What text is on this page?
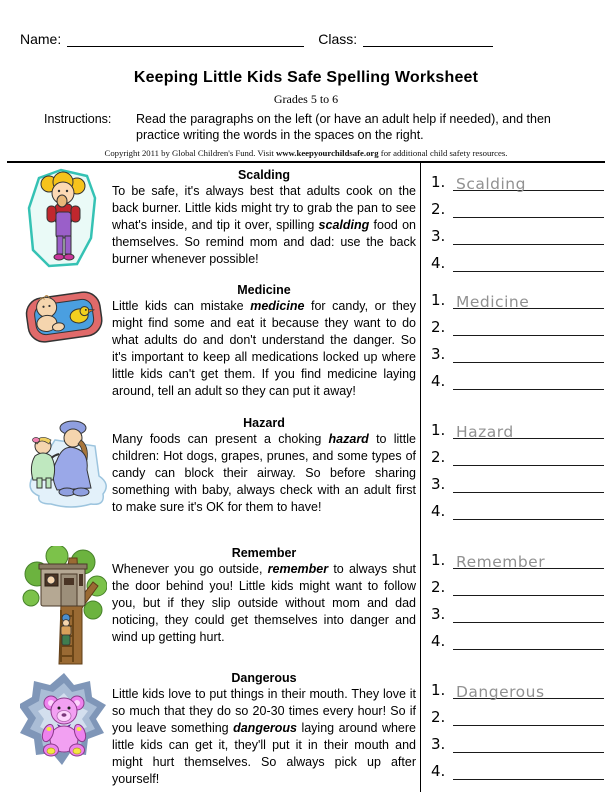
Name:	Class:
Keeping Little Kids Safe Spelling Worksheet
Grades 5 to 6
Instructions:	Read the paragraphs on the left (or have an adult help if needed), and then practice writing the words in the spaces on the right.
Copyright 2011 by Global Children's Fund. Visit www.keepyourchildsafe.org for additional child safety resources.
Scalding
To be safe, it's always best that adults cook on the back burner. Little kids might try to grab the pan to see what's inside, and tip it over, spilling scalding food on themselves. So remind mom and dad: use the back burner whenever possible!
1. Scalding
2.
3.
4.
Medicine
Little kids can mistake medicine for candy, or they might find some and eat it because they want to do what adults do and don't understand the danger. So it's important to keep all medications locked up where little kids can't get them. If you find medicine laying around, tell an adult so they can put it away!
1. Medicine
2.
3.
4.
Hazard
Many foods can present a choking hazard to little children: Hot dogs, grapes, prunes, and some types of candy can block their airway. So before sharing something with baby, always check with an adult first to make sure it's OK for them to have!
1. Hazard
2.
3.
4.
Remember
Whenever you go outside, remember to always shut the door behind you! Little kids might want to follow you, but if they slip outside without mom and dad noticing, they could get themselves into danger and wind up getting hurt.
1. Remember
2.
3.
4.
Dangerous
Little kids love to put things in their mouth. They love it so much that they do so 20-30 times every hour! So if you leave something dangerous laying around where little kids can get it, they'll put it in their mouth and might hurt themselves. So always pick up after yourself!
1. Dangerous
2.
3.
4.
